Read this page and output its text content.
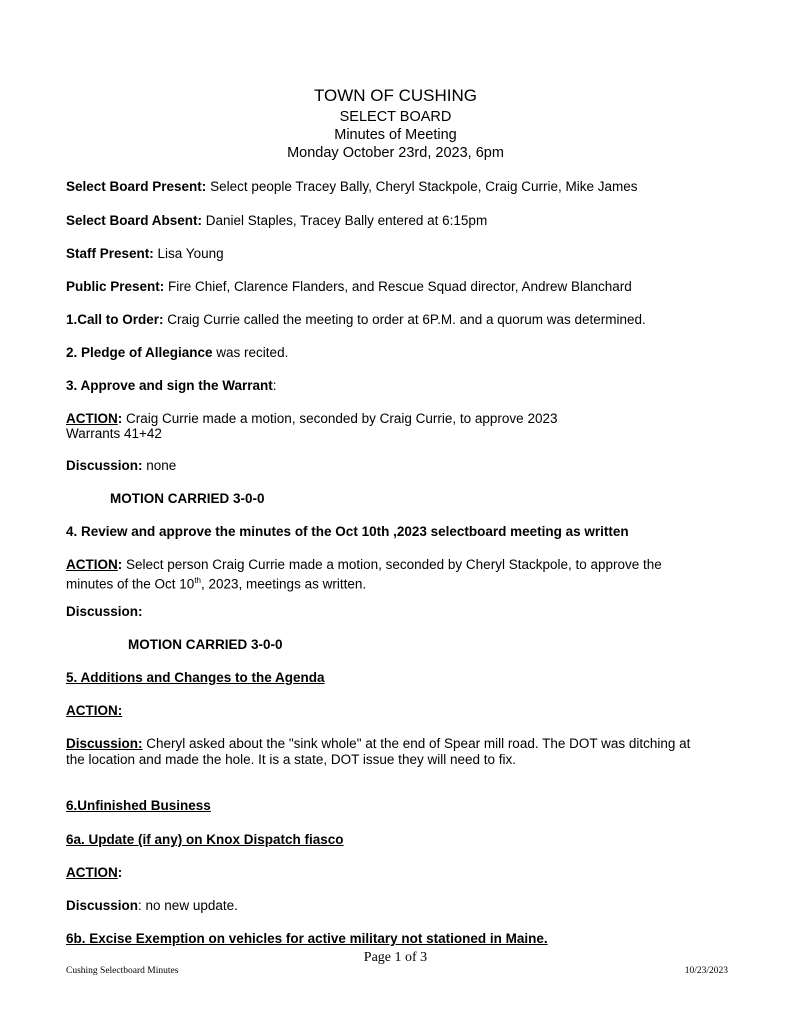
TOWN OF CUSHING
SELECT BOARD
Minutes of Meeting
Monday October 23rd, 2023, 6pm
Select Board Present: Select people Tracey Bally, Cheryl Stackpole, Craig Currie, Mike James
Select Board Absent: Daniel Staples, Tracey Bally entered at 6:15pm
Staff Present: Lisa Young
Public Present: Fire Chief, Clarence Flanders, and Rescue Squad director, Andrew Blanchard
1.Call to Order: Craig Currie called the meeting to order at 6P.M. and a quorum was determined.
2. Pledge of Allegiance was recited.
3. Approve and sign the Warrant:
ACTION: Craig Currie made a motion, seconded by Craig Currie, to approve 2023
Warrants 41+42
Discussion: none
MOTION CARRIED 3-0-0
4. Review and approve the minutes of the Oct 10th ,2023 selectboard meeting as written
ACTION: Select person Craig Currie made a motion, seconded by Cheryl Stackpole, to approve the
minutes of the Oct 10th, 2023, meetings as written.
Discussion:
MOTION CARRIED 3-0-0
5. Additions and Changes to the Agenda
ACTION:
Discussion: Cheryl asked about the "sink whole" at the end of Spear mill road. The DOT was ditching at
the location and made the hole. It is a state, DOT issue they will need to fix.
6.Unfinished Business
6a. Update (if any) on Knox Dispatch fiasco
ACTION:
Discussion: no new update.
6b. Excise Exemption on vehicles for active military not stationed in Maine.
Page 1 of 3
Cushing Selectboard Minutes	10/23/2023
